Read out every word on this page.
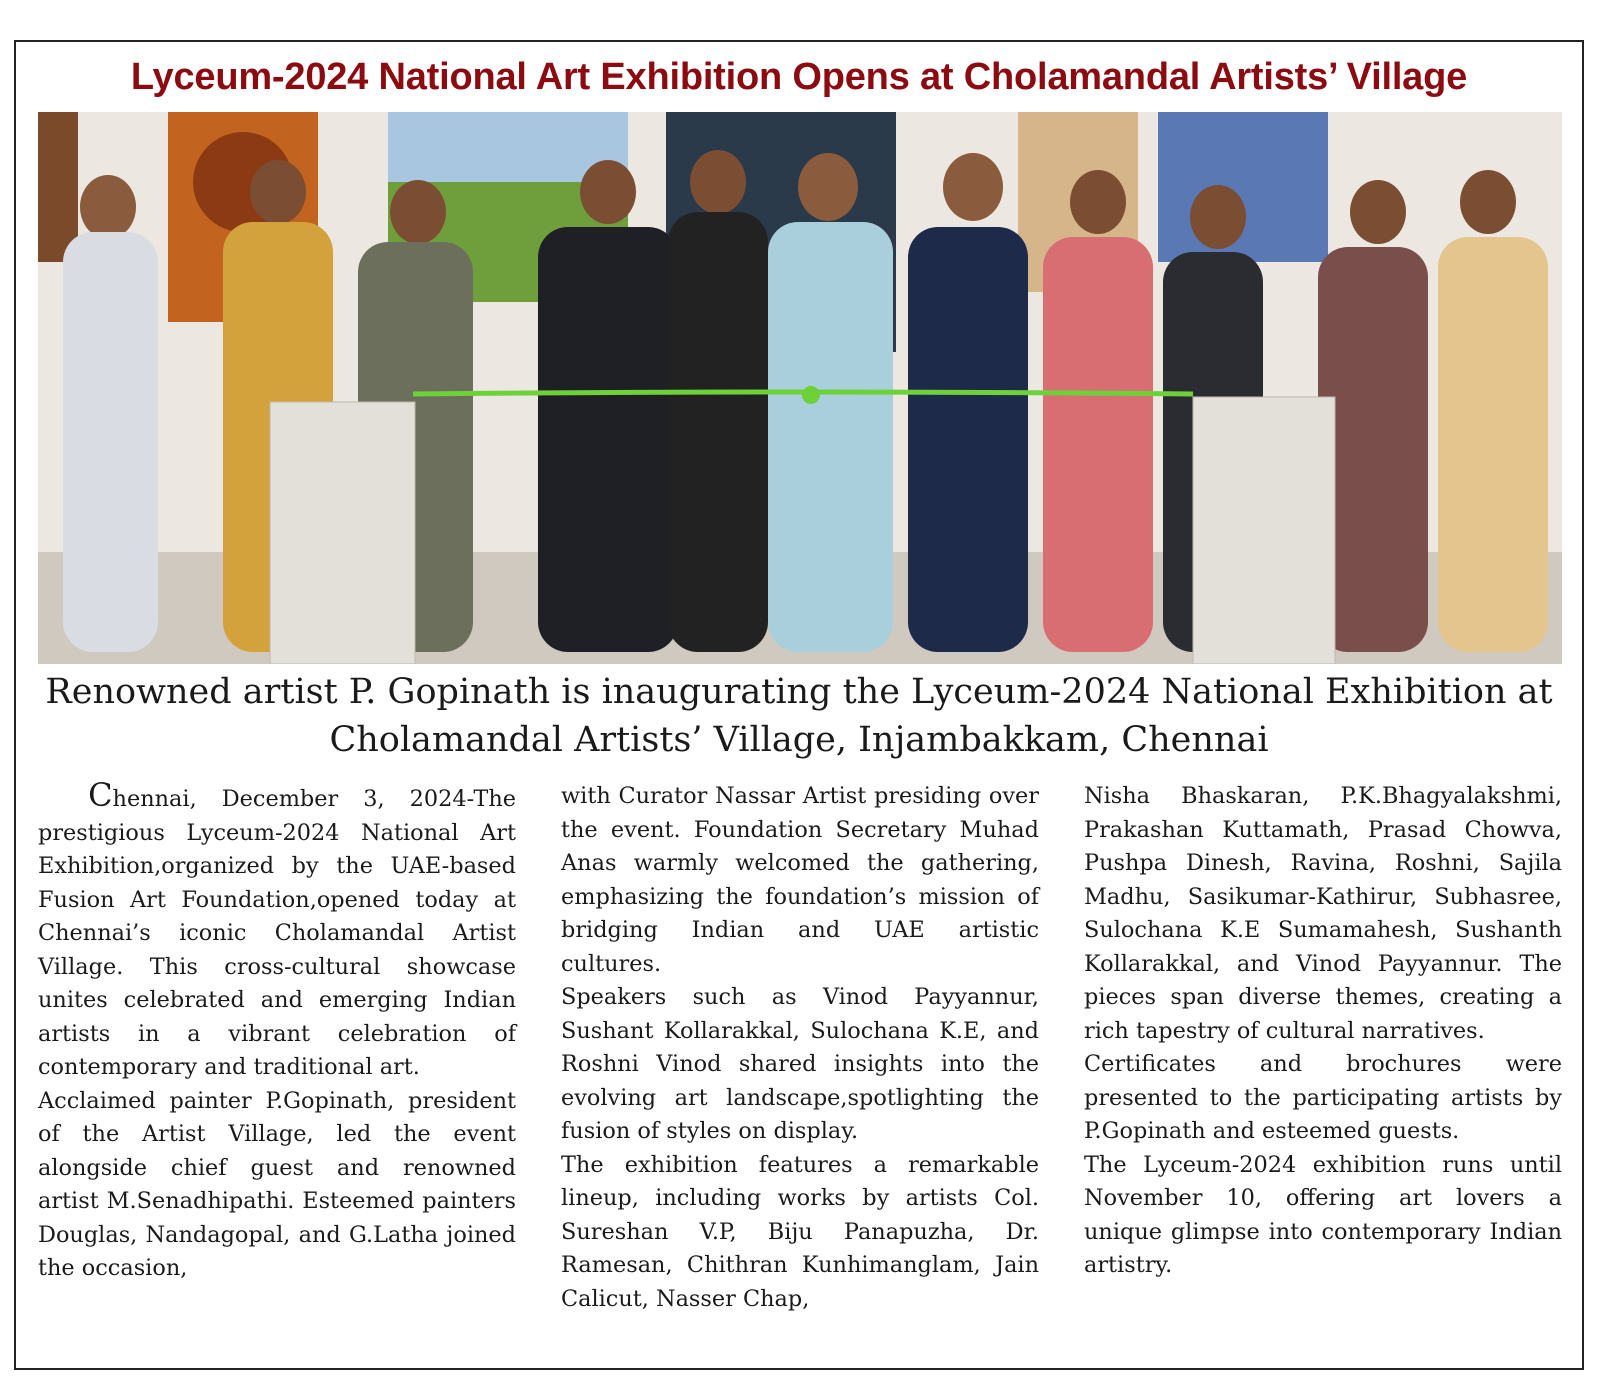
Lyceum-2024 National Art Exhibition Opens at Cholamandal Artists’ Village
Renowned artist P. Gopinath is inaugurating the Lyceum-2024 National Exhibition at Cholamandal Artists’ Village, Injambakkam, Chennai

Chennai, December 3, 2024-The prestigious Lyceum-2024 National Art Exhibition,organized by the UAE-based Fusion Art Foundation,opened today at Chennai’s iconic Cholamandal Artist Village. This cross-cultural showcase unites celebrated and emerging Indian artists in a vibrant celebration of contemporary and traditional art.

Acclaimed painter P.Gopinath, president of the Artist Village, led the event alongside chief guest and renowned artist M.Senadhipathi. Esteemed painters Douglas, Nandagopal, and G.Latha joined the occasion,

with Curator Nassar Artist presiding over the event. Foundation Secretary Muhad Anas warmly welcomed the gathering, emphasizing the foundation’s mission of bridging Indian and UAE artistic cultures.

Speakers such as Vinod Payyannur, Sushant Kollarakkal, Sulochana K.E, and Roshni Vinod shared insights into the evolving art landscape,spotlighting the fusion of styles on display.

The exhibition features a remarkable lineup, including works by artists Col. Sureshan V.P, Biju Panapuzha, Dr. Ramesan, Chithran Kunhimanglam, Jain Calicut, Nasser Chap,

Nisha Bhaskaran, P.K.Bhagyalakshmi, Prakashan Kuttamath, Prasad Chowva, Pushpa Dinesh, Ravina, Roshni, Sajila Madhu, Sasikumar-Kathirur, Subhasree, Sulochana K.E Sumamahesh, Sushanth Kollarakkal, and Vinod Payyannur. The pieces span diverse themes, creating a rich tapestry of cultural narratives.

Certificates and brochures were presented to the participating artists by P.Gopinath and esteemed guests.

The Lyceum-2024 exhibition runs until November 10, offering art lovers a unique glimpse into contemporary Indian artistry.
